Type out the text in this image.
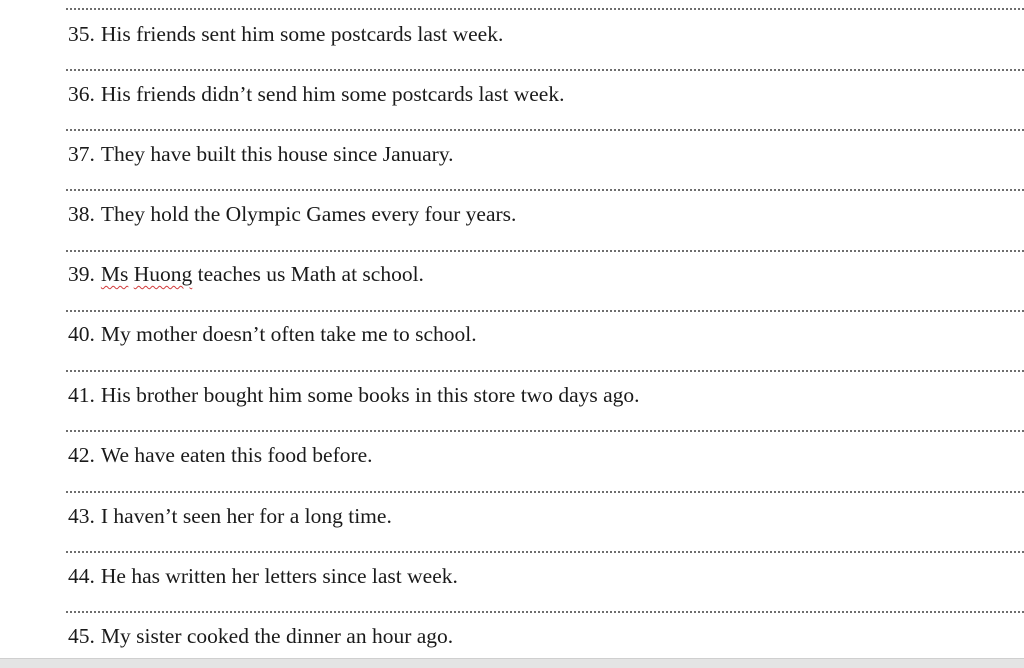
35. His friends sent him some postcards last week.
36. His friends didn’t send him some postcards last week.
37. They have built this house since January.
38. They hold the Olympic Games every four years.
39. Ms Huong teaches us Math at school.
40. My mother doesn’t often take me to school.
41. His brother bought him some books in this store two days ago.
42. We have eaten this food before.
43. I haven’t seen her for a long time.
44. He has written her letters since last week.
45. My sister cooked the dinner an hour ago.
